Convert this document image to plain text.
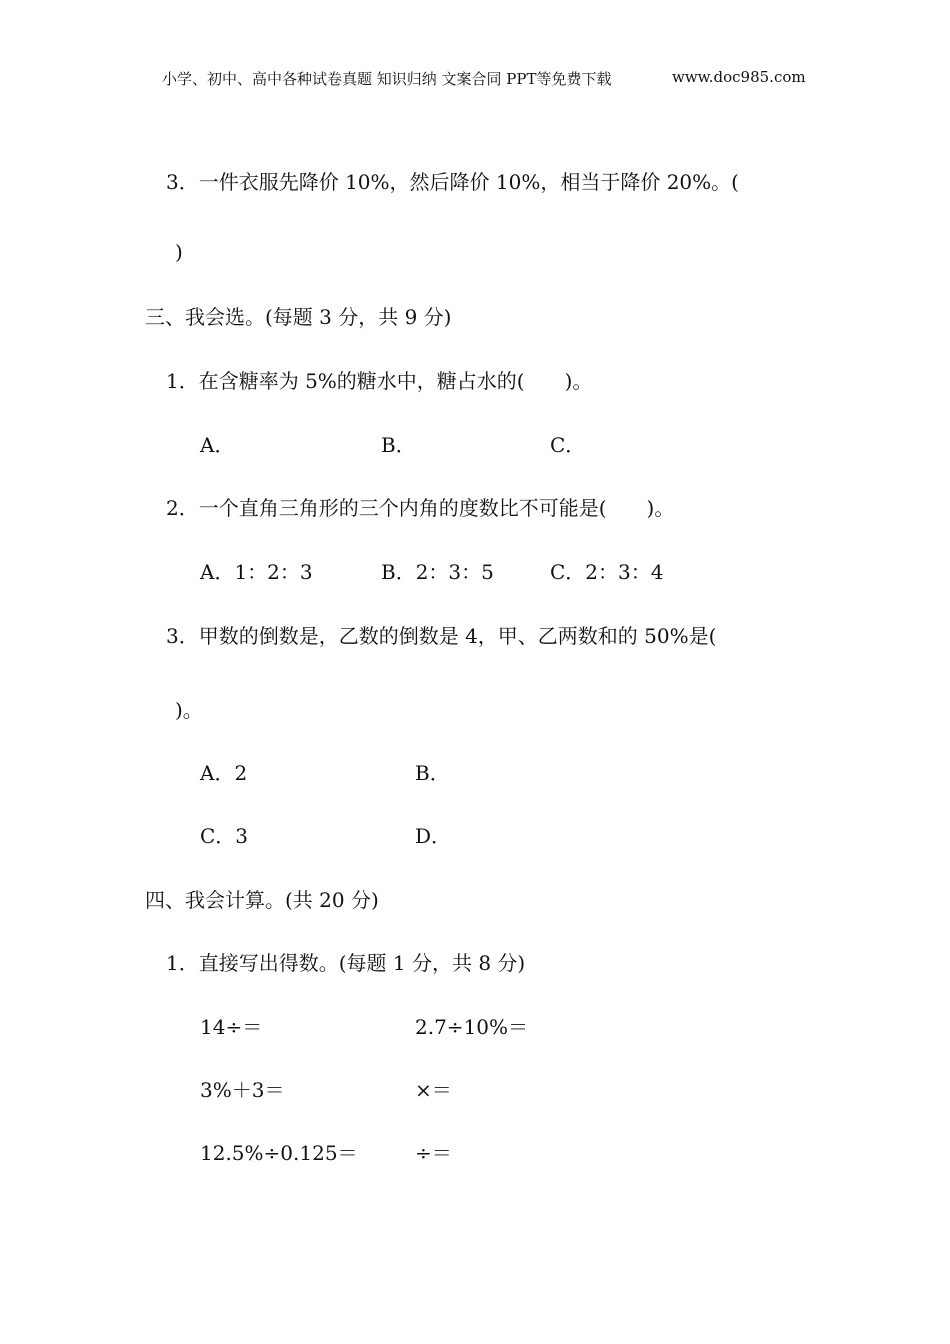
小学、初中、高中各种试卷真题 知识归纳 文案合同 PPT等免费下载	www.doc985.com
3．一件衣服先降价 10%，然后降价 10%，相当于降价 20%。(
)
三、我会选。(每题 3 分，共 9 分)
1．在含糖率为 5%的糖水中，糖占水的(　　)。
A．	B．	C．
2．一个直角三角形的三个内角的度数比不可能是(　　)。
A．1：2：3	B．2：3：5	C．2：3：4
3．甲数的倒数是，乙数的倒数是 4，甲、乙两数和的 50%是(
)。
A．2	B．
C．3	D．
四、我会计算。(共 20 分)
1．直接写出得数。(每题 1 分，共 8 分)
14÷＝	2.7÷10%＝
3%＋3＝	×＝
12.5%÷0.125＝	÷＝
